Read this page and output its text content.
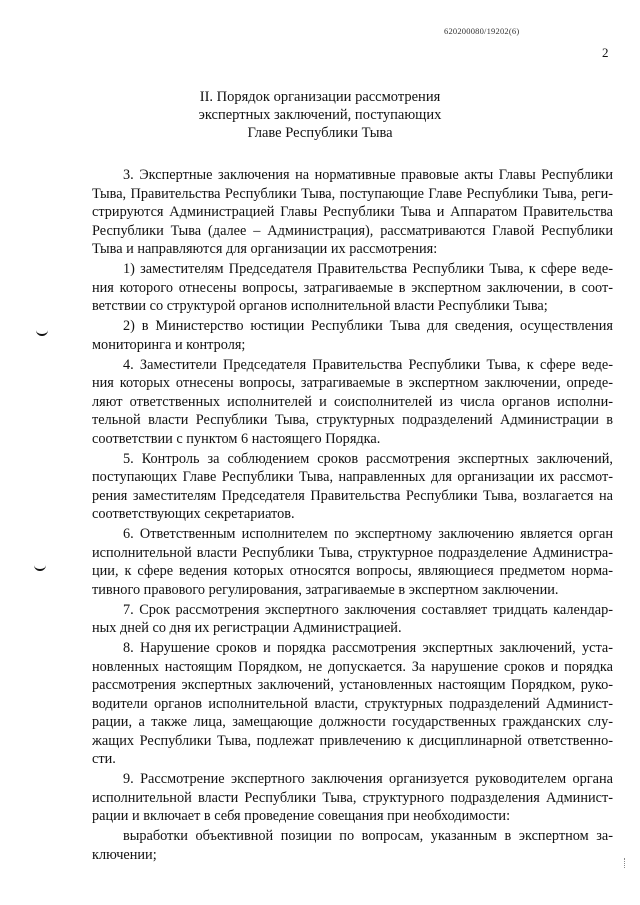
620200080/19202(6)
2
II. Порядок организации рассмотрения
экспертных заключений, поступающих
Главе Республики Тыва
3. Экспертные заключения на нормативные правовые акты Главы Республики
Тыва, Правительства Республики Тыва, поступающие Главе Республики Тыва, реги-
стрируются Администрацией Главы Республики Тыва и Аппаратом Правительства
Республики Тыва (далее – Администрация), рассматриваются Главой Республики
Тыва и направляются для организации их рассмотрения:
1) заместителям Председателя Правительства Республики Тыва, к сфере веде-
ния которого отнесены вопросы, затрагиваемые в экспертном заключении, в соот-
ветствии со структурой органов исполнительной власти Республики Тыва;
2) в Министерство юстиции Республики Тыва для сведения, осуществления
мониторинга и контроля;
4. Заместители Председателя Правительства Республики Тыва, к сфере веде-
ния которых отнесены вопросы, затрагиваемые в экспертном заключении, опреде-
ляют ответственных исполнителей и соисполнителей из числа органов исполни-
тельной власти Республики Тыва, структурных подразделений Администрации в
соответствии с пунктом 6 настоящего Порядка.
5. Контроль за соблюдением сроков рассмотрения экспертных заключений,
поступающих Главе Республики Тыва, направленных для организации их рассмот-
рения заместителям Председателя Правительства Республики Тыва, возлагается на
соответствующих секретариатов.
6. Ответственным исполнителем по экспертному заключению является орган
исполнительной власти Республики Тыва, структурное подразделение Администра-
ции, к сфере ведения которых относятся вопросы, являющиеся предметом норма-
тивного правового регулирования, затрагиваемые в экспертном заключении.
7. Срок рассмотрения экспертного заключения составляет тридцать календар-
ных дней со дня их регистрации Администрацией.
8. Нарушение сроков и порядка рассмотрения экспертных заключений, уста-
новленных настоящим Порядком, не допускается. За нарушение сроков и порядка
рассмотрения экспертных заключений, установленных настоящим Порядком, руко-
водители органов исполнительной власти, структурных подразделений Админист-
рации, а также лица, замещающие должности государственных гражданских слу-
жащих Республики Тыва, подлежат привлечению к дисциплинарной ответственно-
сти.
9. Рассмотрение экспертного заключения организуется руководителем органа
исполнительной власти Республики Тыва, структурного подразделения Админист-
рации и включает в себя проведение совещания при необходимости:
выработки объективной позиции по вопросам, указанным в экспертном за-
ключении;
